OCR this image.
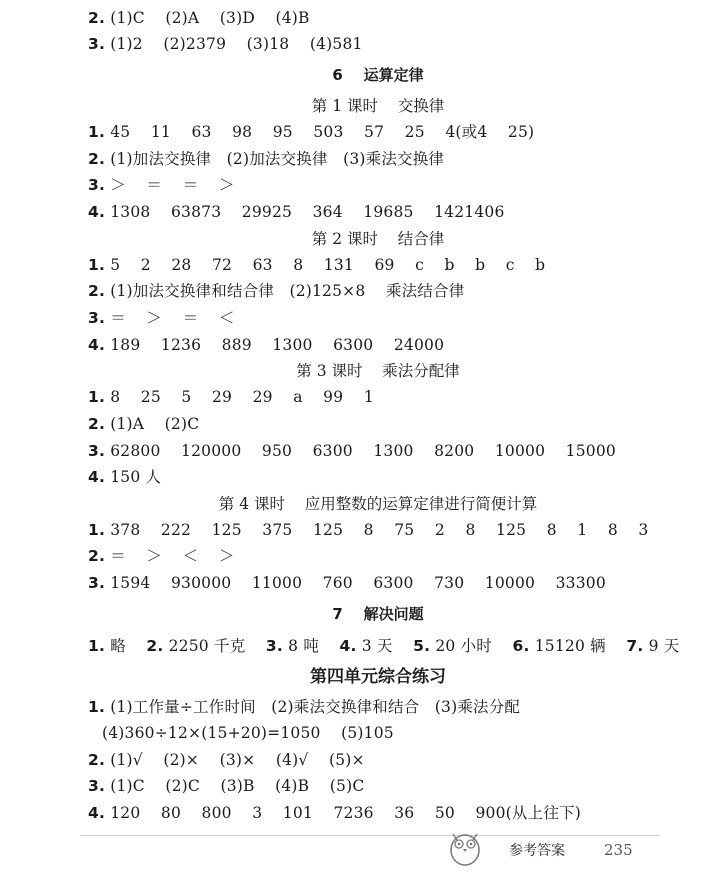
2. (1)C    (2)A    (3)D    (4)B
3. (1)2    (2)2379    (3)18    (4)581
6    运算定律
第 1 课时    交换律
1. 45    11    63    98    95    503    57    25    4(或4    25)
2. (1)加法交换律   (2)加法交换律   (3)乘法交换律
3. ＞    ＝    ＝    ＞
4. 1308    63873    29925    364    19685    1421406
第 2 课时    结合律
1. 5    2    28    72    63    8    131    69    c    b    b    c    b
2. (1)加法交换律和结合律   (2)125×8    乘法结合律
3. ＝    ＞    ＝    ＜
4. 189    1236    889    1300    6300    24000
第 3 课时    乘法分配律
1. 8    25    5    29    29    a    99    1
2. (1)A    (2)C
3. 62800    120000    950    6300    1300    8200    10000    15000
4. 150 人
第 4 课时    应用整数的运算定律进行简便计算
1. 378    222    125    375    125    8    75    2    8    125    8    1    8    3
2. ＝    ＞    ＜    ＞
3. 1594    930000    11000    760    6300    730    10000    33300
7    解决问题
1. 略    2. 2250 千克    3. 8 吨    4. 3 天    5. 20 小时    6. 15120 辆    7. 9 天
第四单元综合练习
1. (1)工作量÷工作时间   (2)乘法交换律和结合   (3)乘法分配
(4)360÷12×(15+20)=1050    (5)105
2. (1)√    (2)×    (3)×    (4)√    (5)×
3. (1)C    (2)C    (3)B    (4)B    (5)C
4. 120    80    800    3    101    7236    36    50    900(从上往下)
参考答案	235
